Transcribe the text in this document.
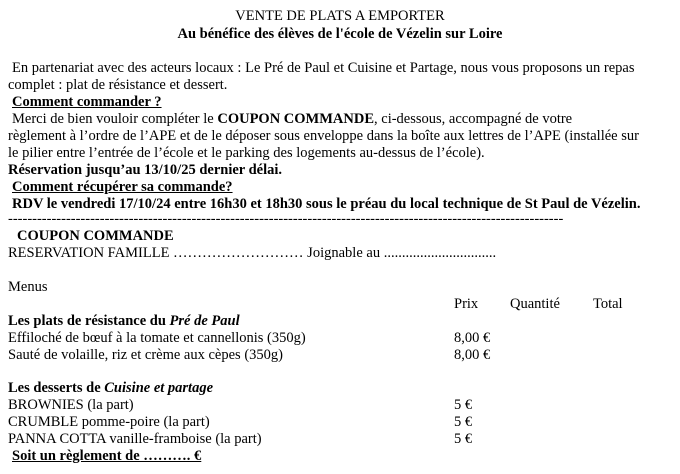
VENTE DE PLATS A EMPORTER
Au bénéfice des élèves de l'école de Vézelin sur Loire
En partenariat avec des acteurs locaux : Le Pré de Paul et Cuisine et Partage, nous vous proposons un repas
complet : plat de résistance et dessert.
Comment commander ?
Merci de bien vouloir compléter le COUPON COMMANDE, ci-dessous, accompagné de votre
règlement à l’ordre de l’APE et de le déposer sous enveloppe dans la boîte aux lettres de l’APE (installée sur
le pilier entre l’entrée de l’école et le parking des logements au-dessus de l’école).
Réservation jusqu’au 13/10/25 dernier délai.
Comment récupérer sa commande?
RDV le vendredi 17/10/24 entre 16h30 et 18h30 sous le préau du local technique de St Paul de Vézelin.
-------------------------------------------------------------------------------------------------------------------
COUPON COMMANDE
RESERVATION FAMILLE ……………………… Joignable au ...............................
Menus
Prix Quantité Total
Les plats de résistance du Pré de Paul
Effiloché de bœuf à la tomate et cannellonis (350g)	8,00 €
Sauté de volaille, riz et crème aux cèpes (350g)	8,00 €
Les desserts de Cuisine et partage
BROWNIES (la part)	5 €
CRUMBLE pomme-poire (la part)	5 €
PANNA COTTA vanille-framboise (la part)	5 €
Soit un règlement de ………. €
